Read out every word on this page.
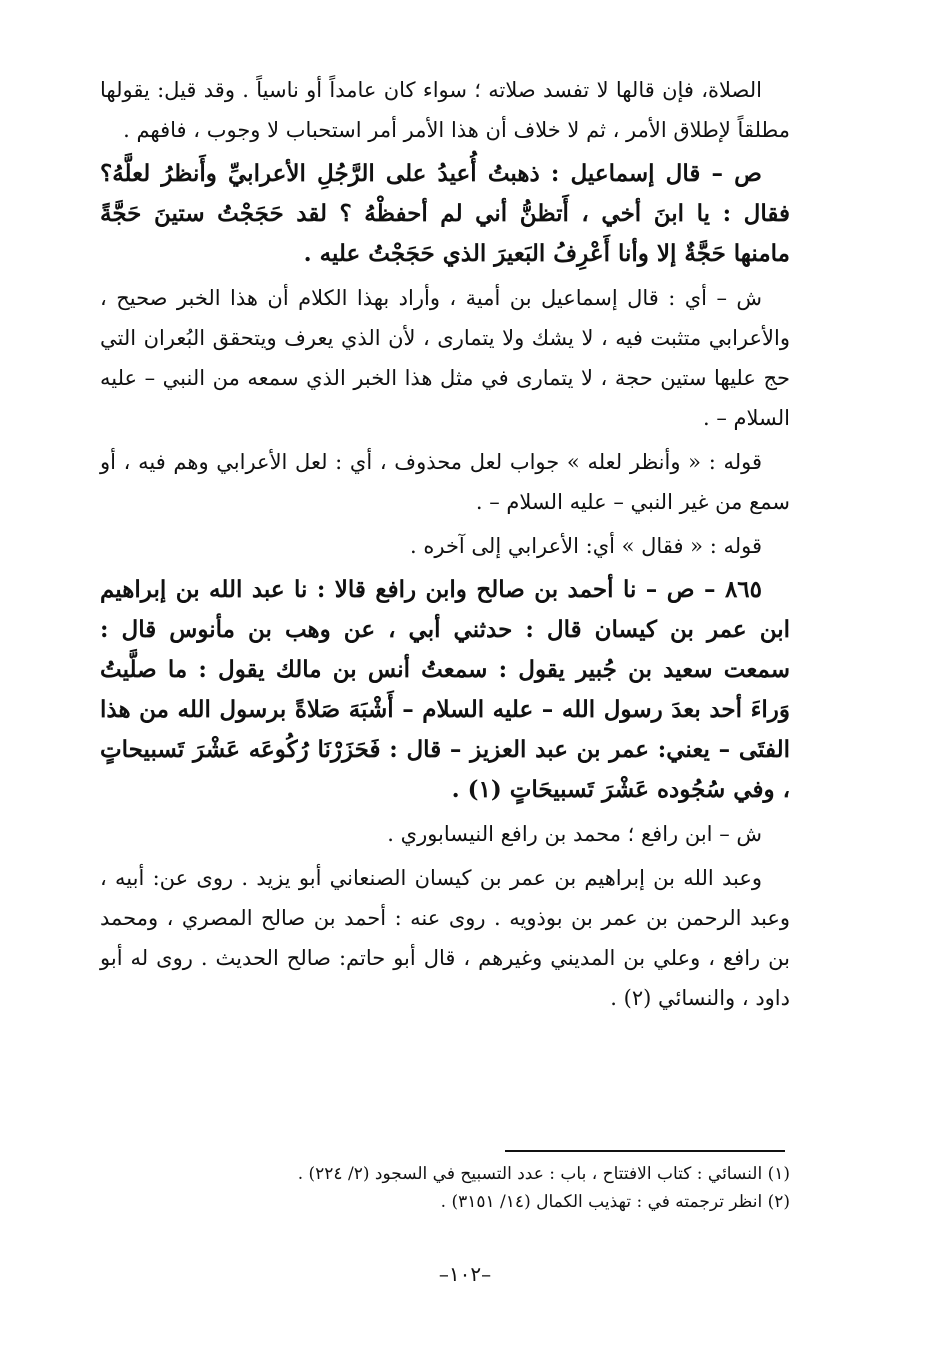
الصلاة، فإن قالها لا تفسد صلاته ؛ سواء كان عامداً أو ناسياً . وقد قيل: يقولها مطلقاً لإطلاق الأمر ، ثم لا خلاف أن هذا الأمر أمر استحباب لا وجوب ، فافهم .

ص – قال إسماعيل : ذهبتُ أُعيدُ على الرَّجُلِ الأعرابيِّ وأَنظرُ لعلَّهُ؟ فقال : يا ابنَ أخي ، أَتظنُّ أني لم أحفظْهُ ؟ لقد حَجَجْتُ ستينَ حَجَّةً مامنها حَجَّةٌ إلا وأنا أَعْرِفُ البَعيرَ الذي حَجَجْتُ عليه .

ش – أي : قال إسماعيل بن أمية ، وأراد بهذا الكلام أن هذا الخبر صحيح ، والأعرابي متثبت فيه ، لا يشك ولا يتمارى ، لأن الذي يعرف ويتحقق البُعران التي حج عليها ستين حجة ، لا يتمارى في مثل هذا الخبر الذي سمعه من النبي – عليه السلام – .

قوله : « وأنظر لعله » جواب لعل محذوف ، أي : لعل الأعرابي وهم فيه ، أو سمع من غير النبي – عليه السلام – .

قوله : « فقال » أي: الأعرابي إلى آخره .

٨٦٥ – ص – نا أحمد بن صالح وابن رافع قالا : نا عبد الله بن إبراهيم ابن عمر بن كيسان قال : حدثني أبي ، عن وهب بن مأنوس قال : سمعت سعيد بن جُبير يقول : سمعتُ أنس بن مالك يقول : ما صلَّيتُ وَراءَ أحد بعدَ رسول الله – عليه السلام – أَشْبَهَ صَلاةً برسول الله من هذا الفتَى – يعني: عمر بن عبد العزيز – قال : فَحَزَرْنَا رُكُوعَه عَشْرَ تَسبيحاتٍ ، وفي سُجُوده عَشْرَ تَسبيحَاتٍ (١) .

ش – ابن رافع ؛ محمد بن رافع النيسابوري .

وعبد الله بن إبراهيم بن عمر بن كيسان الصنعاني أبو يزيد . روى عن: أبيه ، وعبد الرحمن بن عمر بن بوذويه . روى عنه : أحمد بن صالح المصري ، ومحمد بن رافع ، وعلي بن المديني وغيرهم ، قال أبو حاتم: صالح الحديث . روى له أبو داود ، والنسائي (٢) .

(١) النسائي : كتاب الافتتاح ، باب : عدد التسبيح في السجود (٢/ ٢٢٤) .

(٢) انظر ترجمته في : تهذيب الكمال (١٤/ ٣١٥١) .

–١٠٢–
